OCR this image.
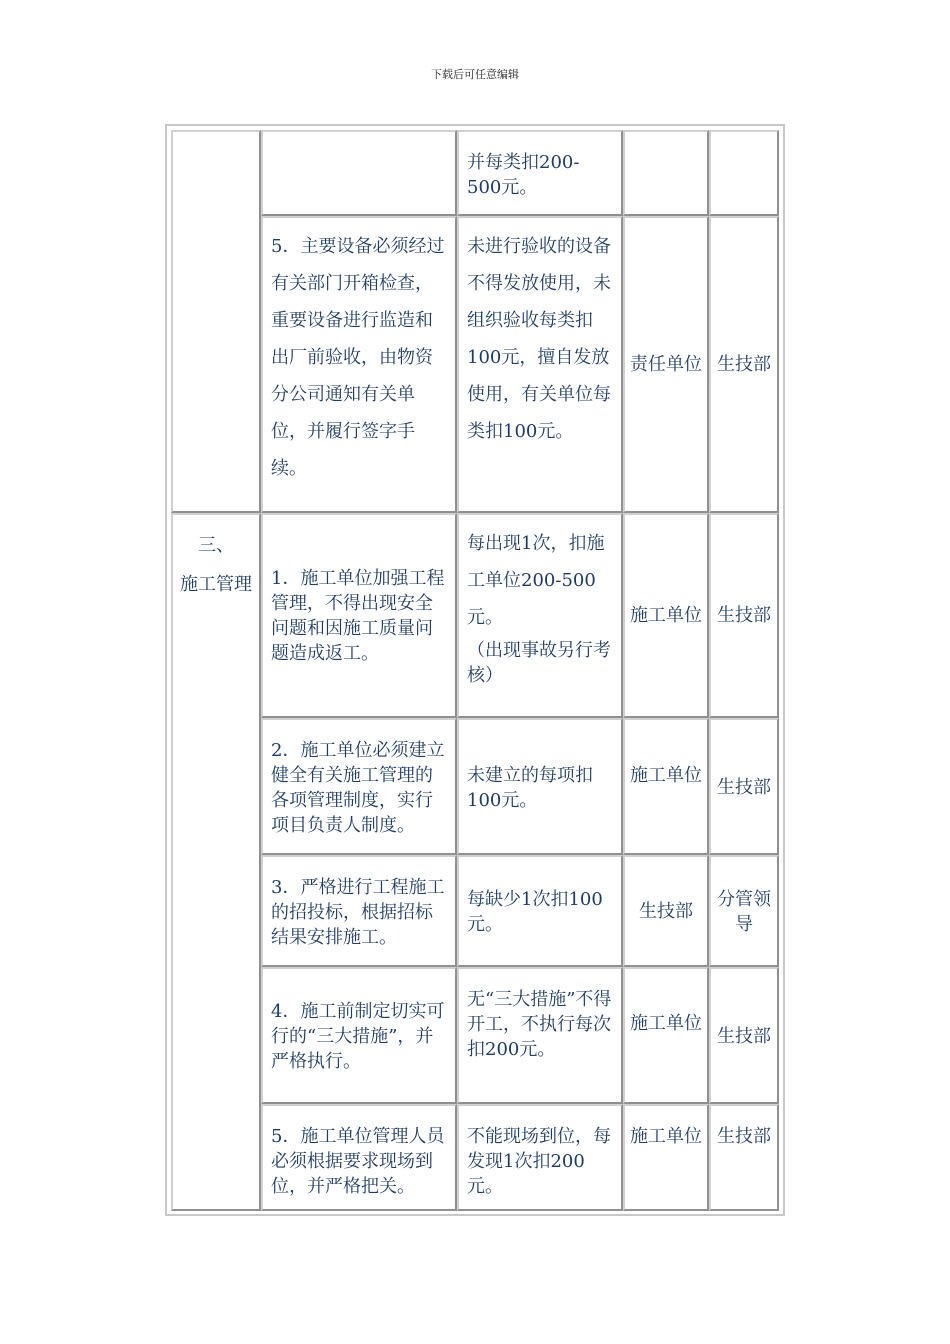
下载后可任意编辑
三、
施工管理
并每类扣200-500元。
5．主要设备必须经过有关部门开箱检查，重要设备进行监造和出厂前验收，由物资分公司通知有关单位，并履行签字手续。
未进行验收的设备不得发放使用，未组织验收每类扣100元，擅自发放使用，有关单位每类扣100元。
责任单位 生技部
1．施工单位加强工程管理，不得出现安全问题和因施工质量问题造成返工。
每出现1次，扣施工单位200-500元。
（出现事故另行考核）
施工单位 生技部
2．施工单位必须建立健全有关施工管理的各项管理制度，实行项目负责人制度。
未建立的每项扣100元。
施工单位
生技部
3．严格进行工程施工的招投标，根据招标结果安排施工。
每缺少1次扣100元。
生技部
分管领导
4．施工前制定切实可行的“三大措施”，并严格执行。
无“三大措施”不得开工，不执行每次扣200元。
施工单位
生技部
5．施工单位管理人员必须根据要求现场到位，并严格把关。
不能现场到位，每发现1次扣200元。
施工单位 生技部
